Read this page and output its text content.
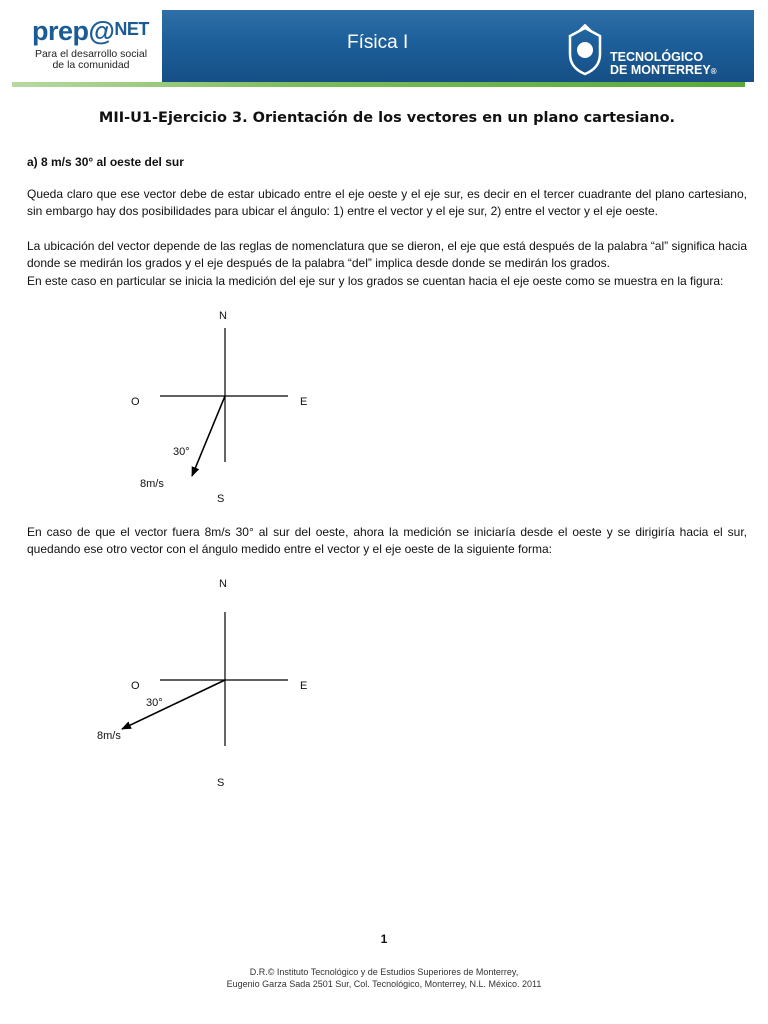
prep@$^{NET}$
Para el desarrollo social
de la comunidad
Física I
TECNOLÓGICO
DE MONTERREY®
MII-U1-Ejercicio 3. Orientación de los vectores en un plano cartesiano.
a) 8 m/s 30° al oeste del sur

Queda claro que ese vector debe de estar ubicado entre el eje oeste y el eje sur, es decir en el tercer cuadrante del plano cartesiano, sin embargo hay dos posibilidades para ubicar el ángulo: 1) entre el vector y el eje sur, 2) entre el vector y el eje oeste.

La ubicación del vector depende de las reglas de nomenclatura que se dieron, el eje que está después de la palabra “al” significa hacia donde se medirán los grados y el eje después de la palabra “del” implica desde donde se medirán los grados.

En este caso en particular se inicia la medición del eje sur y los grados se cuentan hacia el eje oeste como se muestra en la figura:

En caso de que el vector fuera 8m/s 30° al sur del oeste, ahora la medición se iniciaría desde el oeste y se dirigiría hacia el sur, quedando ese otro vector con el ángulo medido entre el vector y el eje oeste de la siguiente forma:

N
S
E
O
30°
8m/s
N
S
E
O
30°
8m/s
1
D.R.© Instituto Tecnológico y de Estudios Superiores de Monterrey,
Eugenio Garza Sada 2501 Sur, Col. Tecnológico, Monterrey, N.L. México. 2011
